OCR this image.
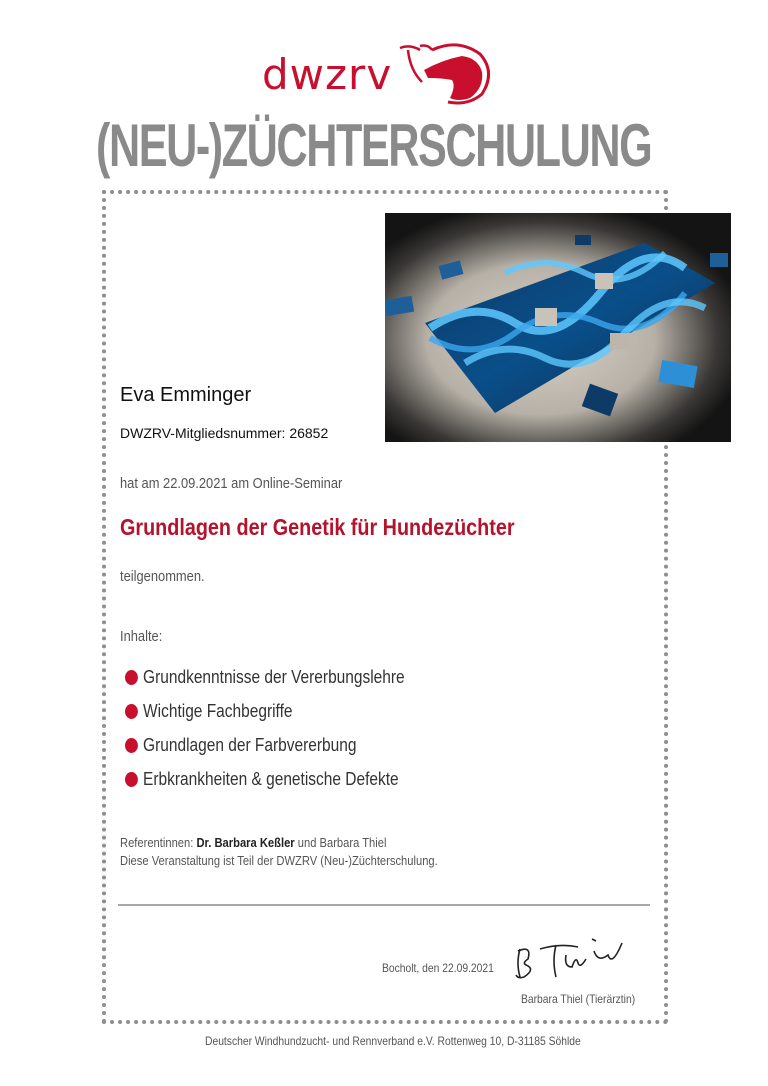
dwzrv
(NEU-)ZÜCHTERSCHULUNG
Eva Emminger
DWZRV-Mitgliedsnummer: 26852
hat am 22.09.2021 am Online-Seminar
Grundlagen der Genetik für Hundezüchter
teilgenommen.
Inhalte:
Grundkenntnisse der Vererbungslehre
Wichtige Fachbegriffe
Grundlagen der Farbvererbung
Erbkrankheiten & genetische Defekte
Referentinnen: Dr. Barbara Keßler und Barbara Thiel
Diese Veranstaltung ist Teil der DWZRV (Neu-)Züchterschulung.
Bocholt, den 22.09.2021
Barbara Thiel (Tierärztin)
Deutscher Windhundzucht- und Rennverband e.V. Rottenweg 10, D-31185 Söhlde
